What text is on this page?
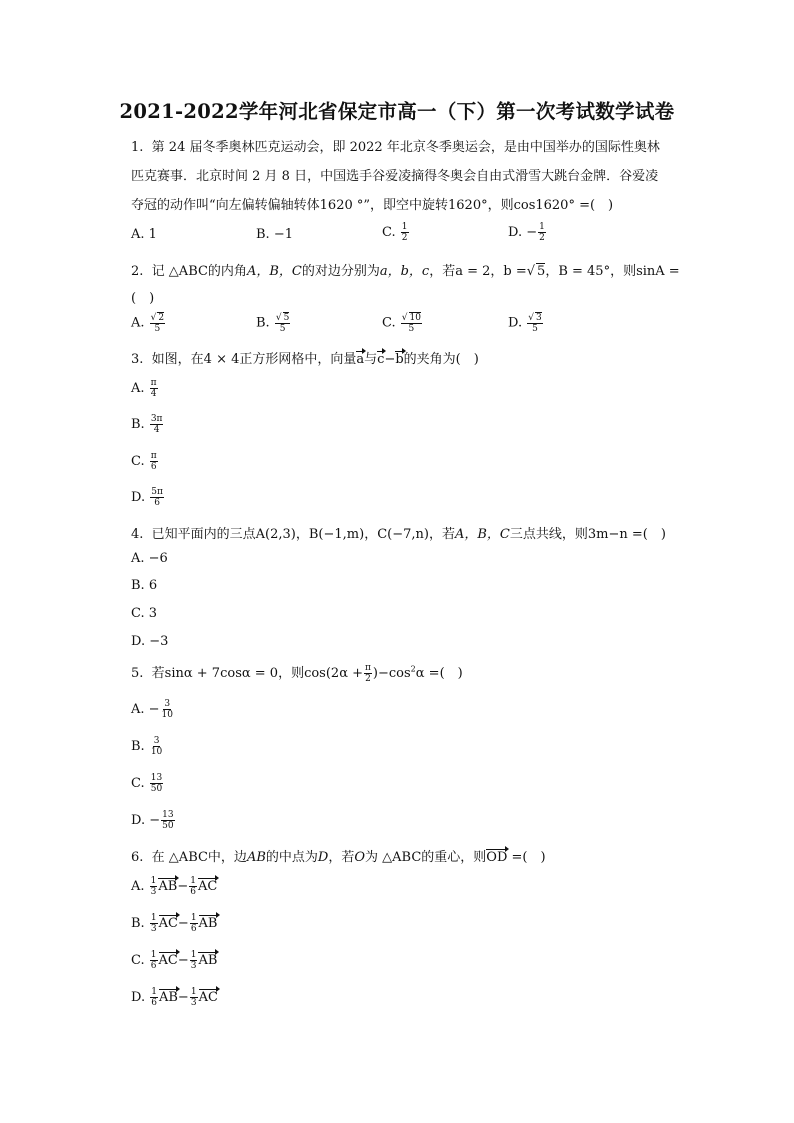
2021-2022学年河北省保定市高一（下）第一次考试数学试卷
1. 第 24 届冬季奥林匹克运动会，即 2022 年北京冬季奥运会，是由中国举办的国际性奥林
匹克赛事．北京时间 2 月 8 日，中国选手谷爱凌摘得冬奥会自由式滑雪大跳台金牌．谷爱凌
夺冠的动作叫“向左偏转偏轴转体1620 °”，即空中旋转1620°，则cos1620° =(　)
A. 1	B. −1	C. $\frac{1}{2}$	D. − $\frac{1}{2}$
2. 记 △ABC的内角A，B，C的对边分别为a，b，c，若a = 2，b =√ 5，B = 45°，则sinA =
(　)
A. $\frac{√ 2}{5}$	B. $\frac{√ 5}{5}$	C. $\frac{√ 10}{5}$	D. $\frac{√ 3}{5}$
3. 如图，在4 × 4正方形网格中，向量a与c−b的夹角为(　)
A. $\frac{\pi}{4}$
B. $\frac{3\pi}{4}$
C. $\frac{\pi}{6}$
D. $\frac{5\pi}{6}$
4. 已知平面内的三点A(2,3)，B(−1,m)，C(−7,n)，若A，B，C三点共线，则3m−n =(　)
A. −6
B. 6
C. 3
D. −3
5. 若sinα + 7cosα = 0，则$\cos(2\alpha + \frac{\pi}{2} )-\cos^2\alpha$ =(　)
A. − $\frac{3}{10}$
B. $\frac{3}{10}$
C. $\frac{13}{50}$
D. − $\frac{13}{50}$
6. 在 △ABC中，边AB的中点为D，若O为 △ABC的重心，则OD =(　)
A. $\frac{1}{3} AB- \frac{1}{6}$ AC
B. $\frac{1}{3} AC- \frac{1}{6}$ AB
C. $\frac{1}{6} AC- \frac{1}{3}$ AB
D. $\frac{1}{6} AB- \frac{1}{3}$ AC
